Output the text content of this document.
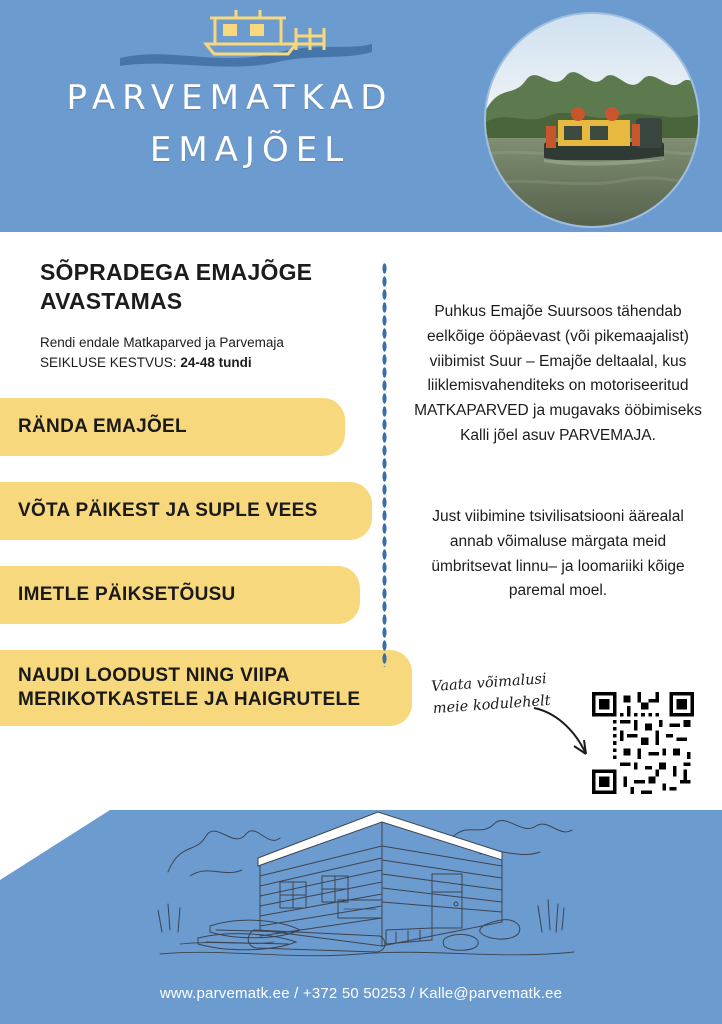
PARVEMATKAD
EMAJÕEL
SÕPRADEGA EMAJÕGE AVASTAMAS
Rendi endale Matkaparved ja Parvemaja
SEIKLUSE KESTVUS: 24-48 tundi
RÄNDA EMAJÕEL
VÕTA PÄIKEST JA SUPLE VEES
IMETLE PÄIKSETÕUSU
NAUDI LOODUST NING VIIPA
MERIKOTKASTELE JA HAIGRUTELE
Puhkus Emajõe Suursoos tähendab eelkõige ööpäevast (või pikemaajalist) viibimist Suur – Emajõe deltaalal, kus liiklemisvahenditeks on motoriseeritud MATKAPARVED ja mugavaks ööbimiseks Kalli jõel asuv PARVEMAJA.
Just viibimine tsivilisatsiooni äärealal annab võimaluse märgata meid ümbritsevat linnu– ja loomariiki kõige paremal moel.
Vaata võimalusi
meie kodulehelt
www.parvematk.ee / +372 50 50253 / Kalle@parvematk.ee
